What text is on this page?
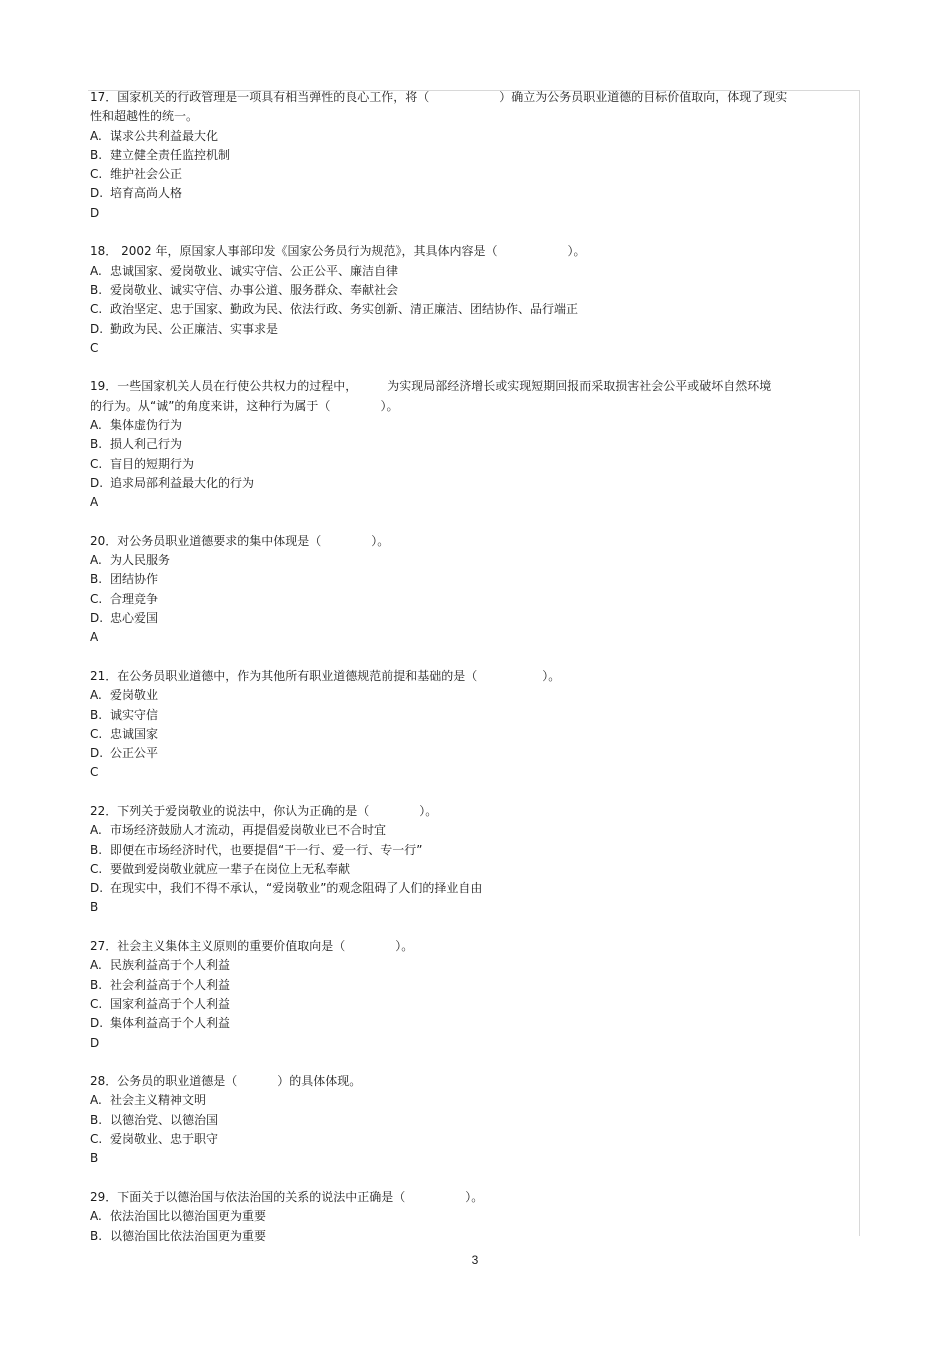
17．国家机关的行政管理是一项具有相当弹性的良心工作，将（	）确立为公务员职业道德的目标价值取向，体现了现实
性和超越性的统一。
A. 谋求公共利益最大化
B. 建立健全责任监控机制
C. 维护社会公正
D. 培育高尚人格
D
18． 2002 年，原国家人事部印发《国家公务员行为规范》，其具体内容是（	）。
A. 忠诚国家、爱岗敬业、诚实守信、公正公平、廉洁自律
B. 爱岗敬业、诚实守信、办事公道、服务群众、奉献社会
C. 政治坚定、忠于国家、勤政为民、依法行政、务实创新、清正廉洁、团结协作、品行端正
D. 勤政为民、公正廉洁、实事求是
C
19．一些国家机关人员在行使公共权力的过程中，	为实现局部经济增长或实现短期回报而采取损害社会公平或破坏自然环境
的行为。从“诚”的角度来讲，这种行为属于（	）。
A. 集体虚伪行为
B. 损人利己行为
C. 盲目的短期行为
D. 追求局部利益最大化的行为
A
20．对公务员职业道德要求的集中体现是（	）。
A. 为人民服务
B. 团结协作
C. 合理竞争
D. 忠心爱国
A
21．在公务员职业道德中，作为其他所有职业道德规范前提和基础的是（	）。
A. 爱岗敬业
B. 诚实守信
C. 忠诚国家
D. 公正公平
C
22．下列关于爱岗敬业的说法中，你认为正确的是（	）。
A. 市场经济鼓励人才流动，再提倡爱岗敬业已不合时宜
B. 即便在市场经济时代，也要提倡“干一行、爱一行、专一行”
C. 要做到爱岗敬业就应一辈子在岗位上无私奉献
D. 在现实中，我们不得不承认，“爱岗敬业”的观念阻碍了人们的择业自由
B
27．社会主义集体主义原则的重要价值取向是（	）。
A. 民族利益高于个人利益
B. 社会利益高于个人利益
C. 国家利益高于个人利益
D. 集体利益高于个人利益
D
28．公务员的职业道德是（	）的具体体现。
A. 社会主义精神文明
B. 以德治党、以德治国
C. 爱岗敬业、忠于职守
B
29．下面关于以德治国与依法治国的关系的说法中正确是（	）。
A. 依法治国比以德治国更为重要
B. 以德治国比依法治国更为重要
3
